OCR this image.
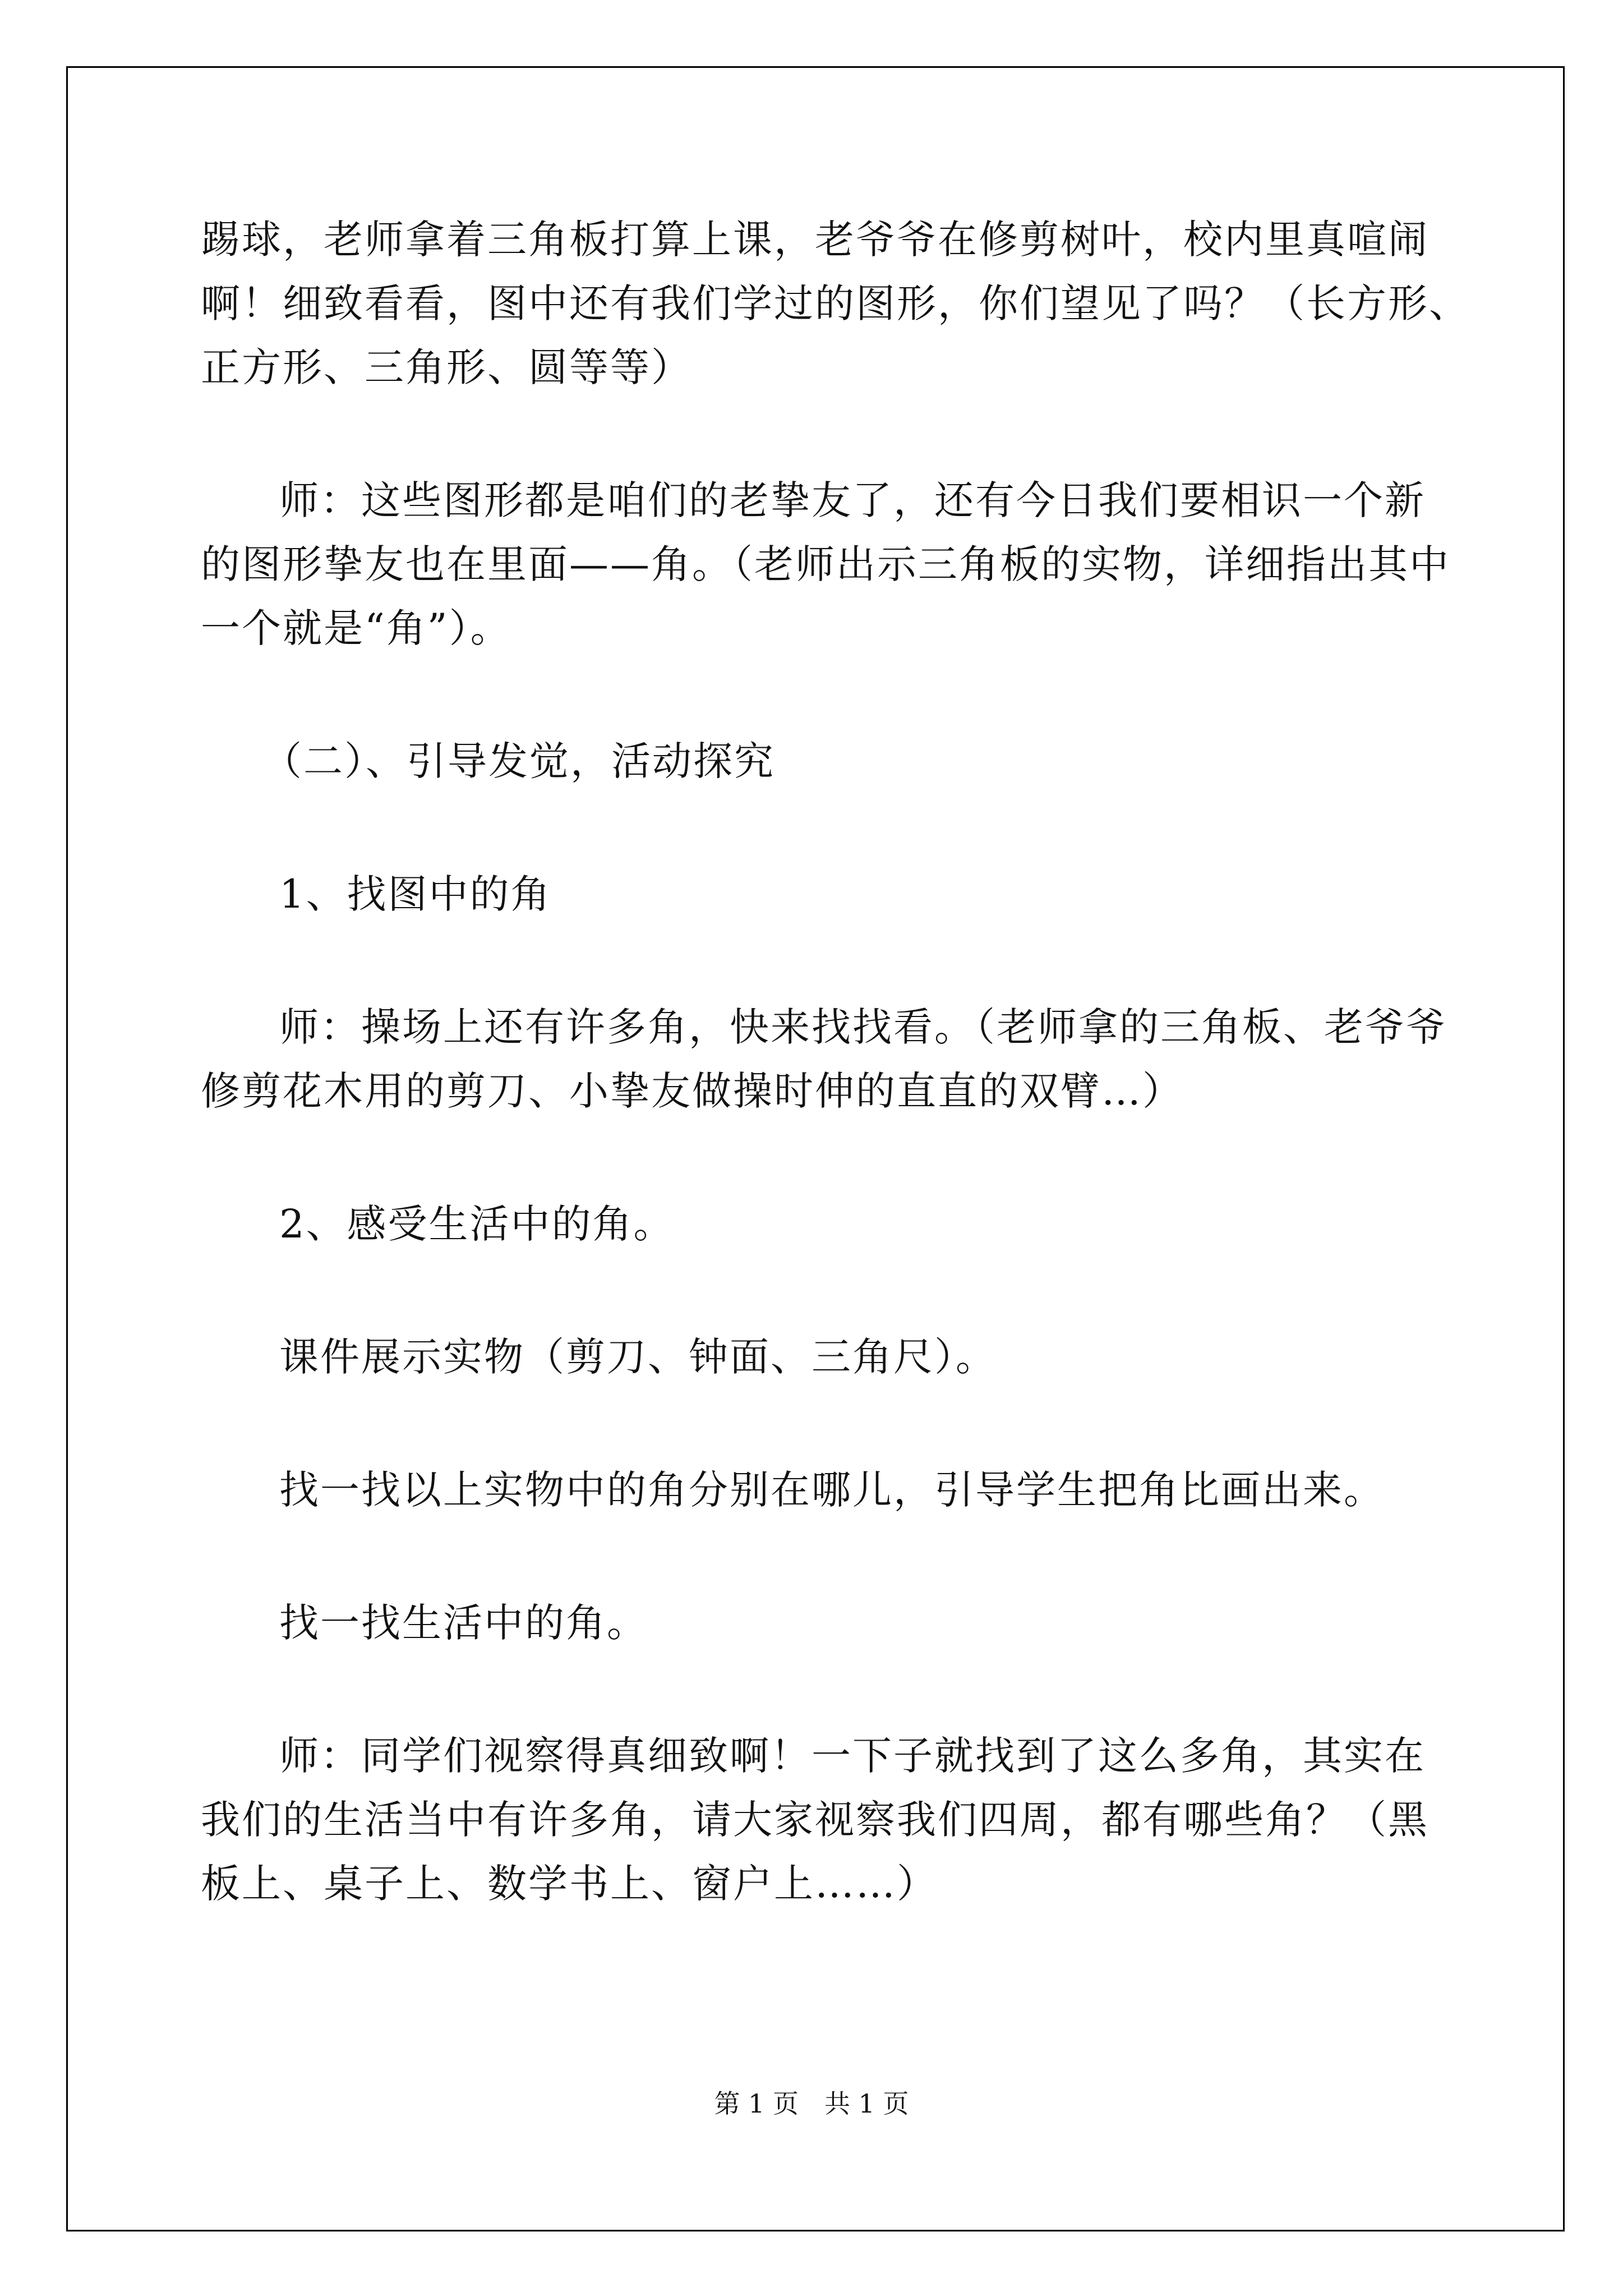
踢球，老师拿着三角板打算上课，老爷爷在修剪树叶，校内里真喧闹
啊！细致看看，图中还有我们学过的图形，你们望见了吗？（长方形、
正方形、三角形、圆等等）
师：这些图形都是咱们的老挚友了，还有今日我们要相识一个新
的图形挚友也在里面——角。（老师出示三角板的实物，详细指出其中
一个就是“角”）。
（二）、引导发觉，活动探究
1、找图中的角
师：操场上还有许多角，快来找找看。（老师拿的三角板、老爷爷
修剪花木用的剪刀、小挚友做操时伸的直直的双臂…）
2、感受生活中的角。
课件展示实物（剪刀、钟面、三角尺）。
找一找以上实物中的角分别在哪儿，引导学生把角比画出来。
找一找生活中的角。
师：同学们视察得真细致啊！一下子就找到了这么多角，其实在
我们的生活当中有许多角，请大家视察我们四周，都有哪些角？（黑
板上、桌子上、数学书上、窗户上……）
第 1 页　共 1 页
